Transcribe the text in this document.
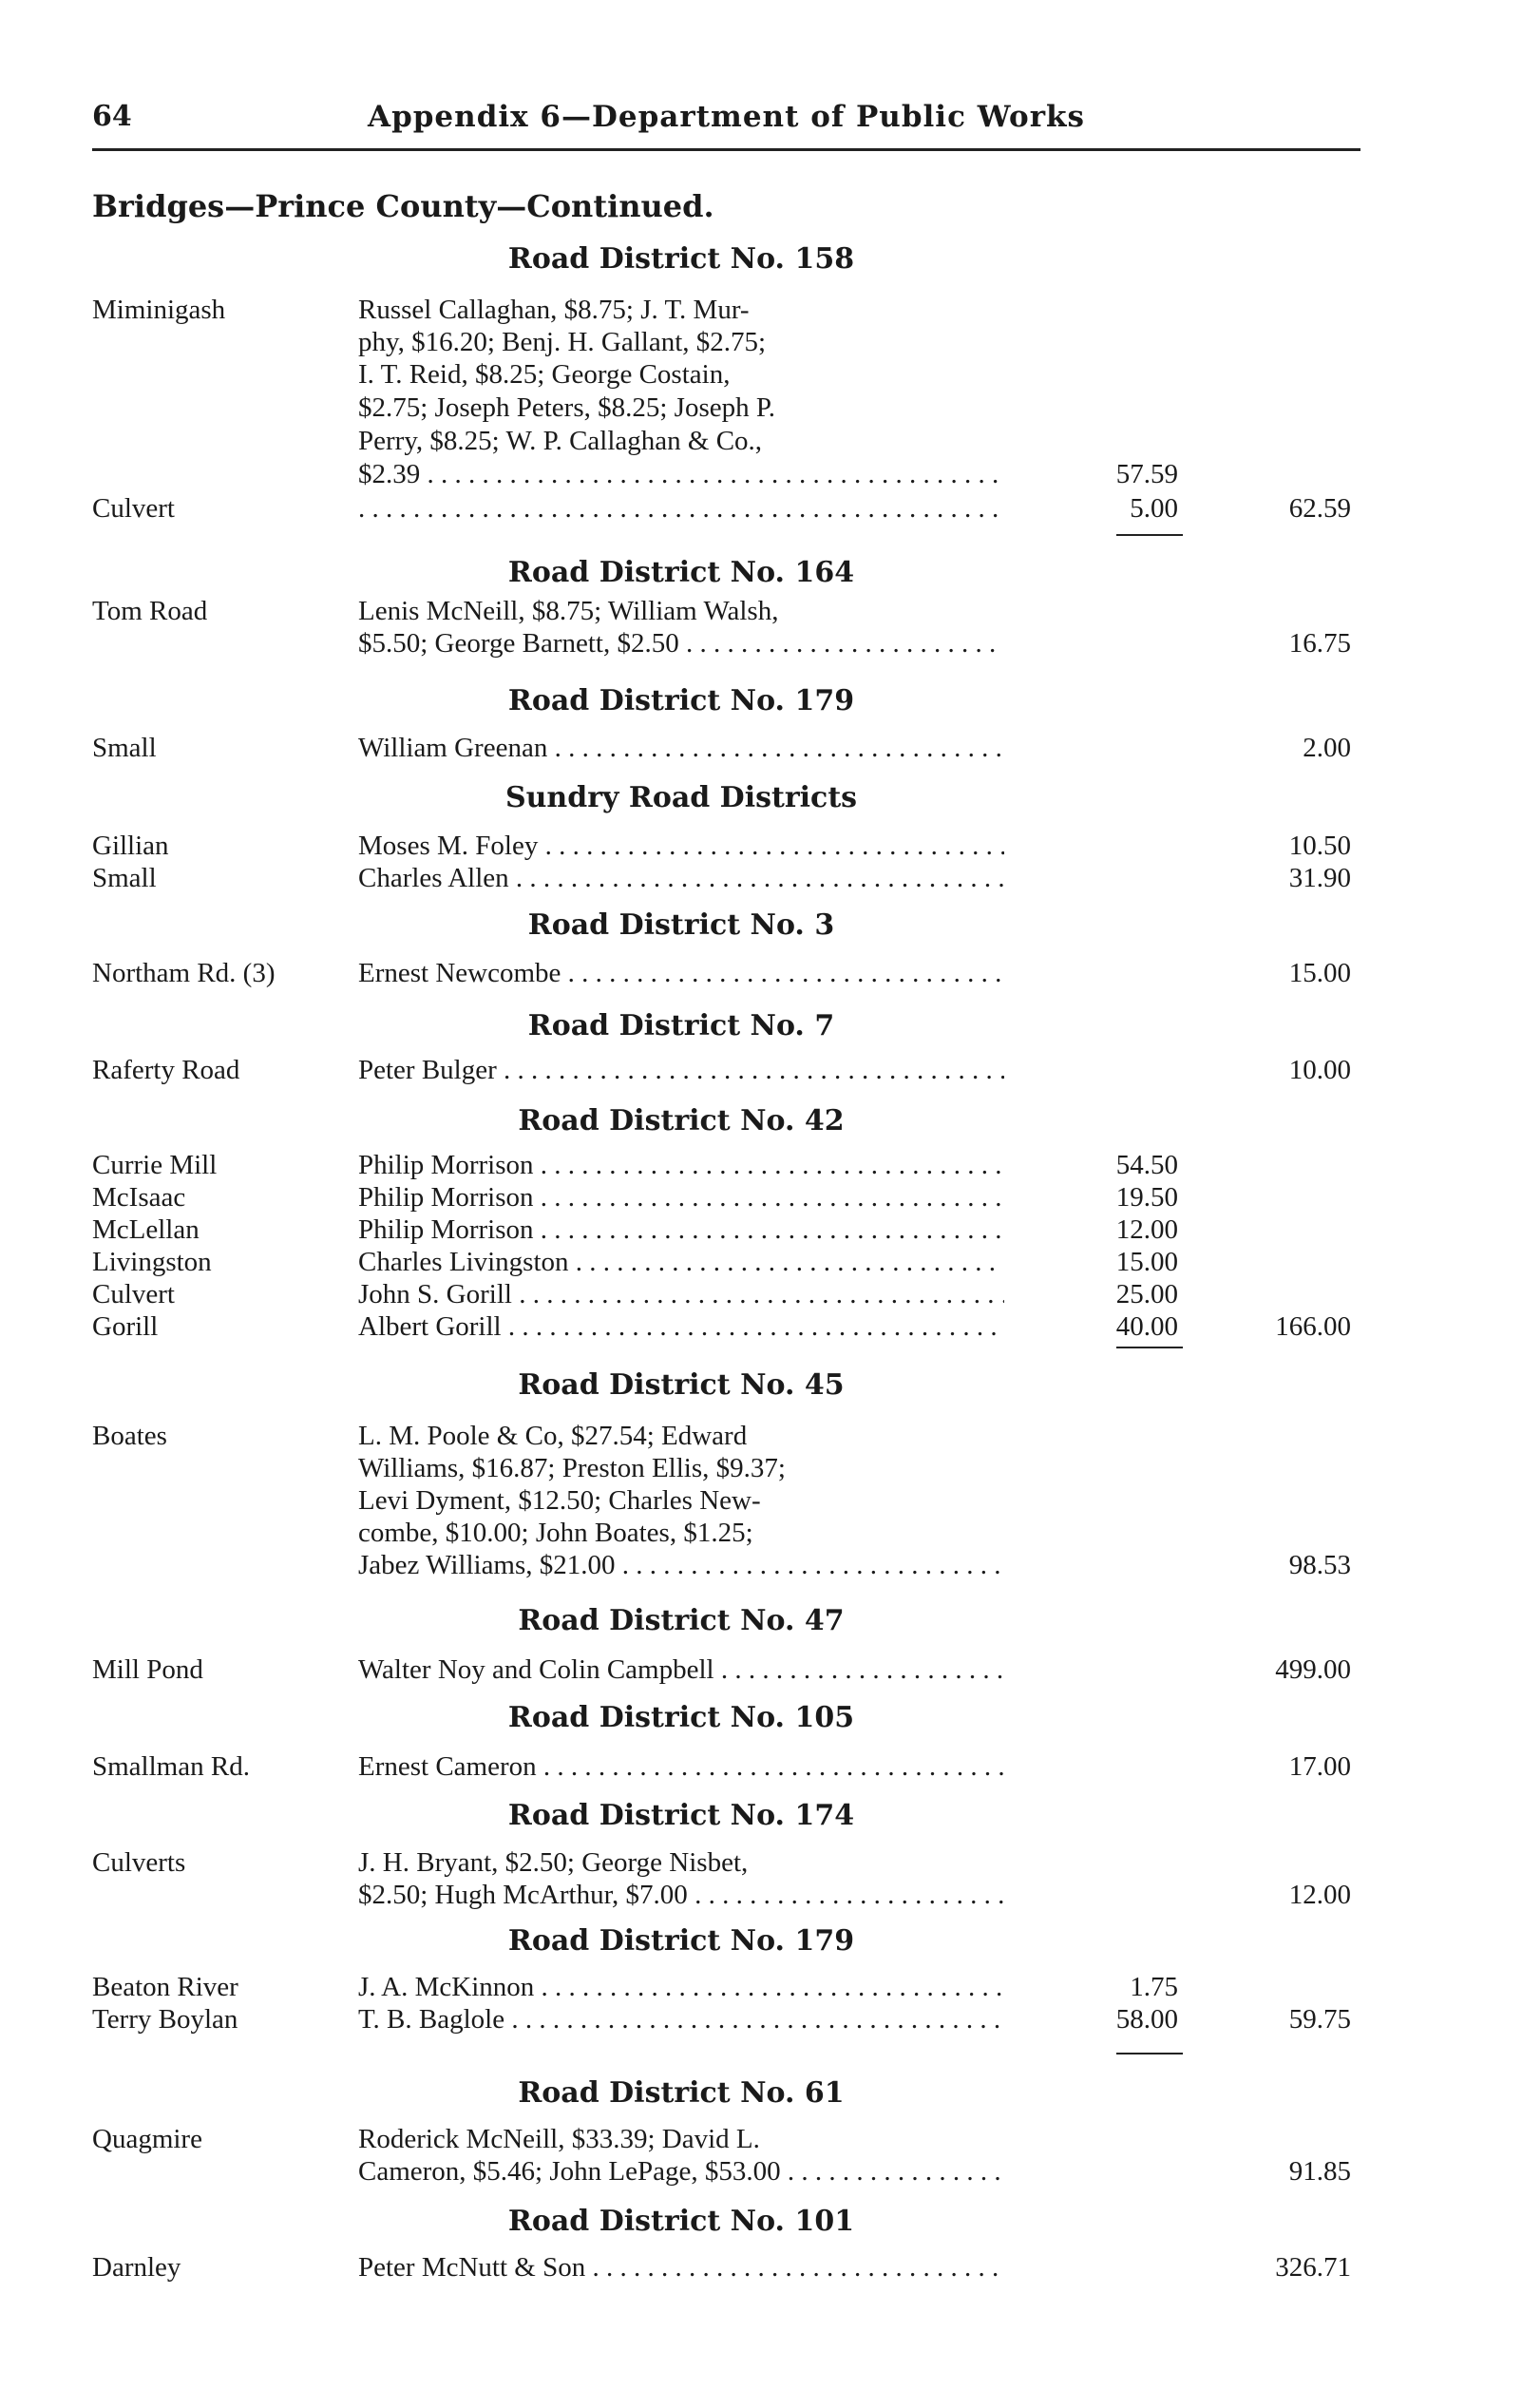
64	Appendix 6—Department of Public Works
Bridges—Prince County—Continued.
Road District No. 158
Miminigash	Russel Callaghan, $8.75; J. T. Mur-
phy, $16.20; Benj. H. Gallant, $2.75;
I. T. Reid, $8.25; George Costain,
$2.75; Joseph Peters, $8.25; Joseph P.
Perry, $8.25; W. P. Callaghan & Co.,
$2.39 . . .	57.59
Culvert
. . .	5.00	62.59
Road District No. 164
Tom Road	Lenis McNeill, $8.75; William Walsh,
$5.50; George Barnett, $2.50 . . .	16.75
Road District No. 179
Small	William Greenan . . .	2.00
Sundry Road Districts
Gillian	Moses M. Foley . . .	10.50
Small	Charles Allen . . .	31.90
Road District No. 3
Northam Rd. (3)	Ernest Newcombe . . .	15.00
Road District No. 7
Raferty Road	Peter Bulger . . .	10.00
Road District No. 42
Currie Mill	Philip Morrison . . .	54.50
McIsaac	Philip Morrison . . .	19.50
McLellan	Philip Morrison . . .	12.00
Livingston	Charles Livingston . . .	15.00
Culvert	John S. Gorill . . .	25.00
Gorill	Albert Gorill . . .	40.00	166.00
Road District No. 45
Boates	L. M. Poole & Co, $27.54; Edward
Williams, $16.87; Preston Ellis, $9.37;
Levi Dyment, $12.50; Charles New-
combe, $10.00; John Boates, $1.25;
Jabez Williams, $21.00 . . .	98.53
Road District No. 47
Mill Pond	Walter Noy and Colin Campbell . . .	499.00
Road District No. 105
Smallman Rd.	Ernest Cameron . . .	17.00
Road District No. 174
Culverts	J. H. Bryant, $2.50; George Nisbet,
$2.50; Hugh McArthur, $7.00 . . .	12.00
Road District No. 179
Beaton River	J. A. McKinnon . . .	1.75
Terry Boylan	T. B. Baglole . . .	58.00	59.75
Road District No. 61
Quagmire	Roderick McNeill, $33.39; David L.
Cameron, $5.46; John LePage, $53.00 . . .	91.85
Road District No. 101
Darnley	Peter McNutt & Son . . .	326.71
